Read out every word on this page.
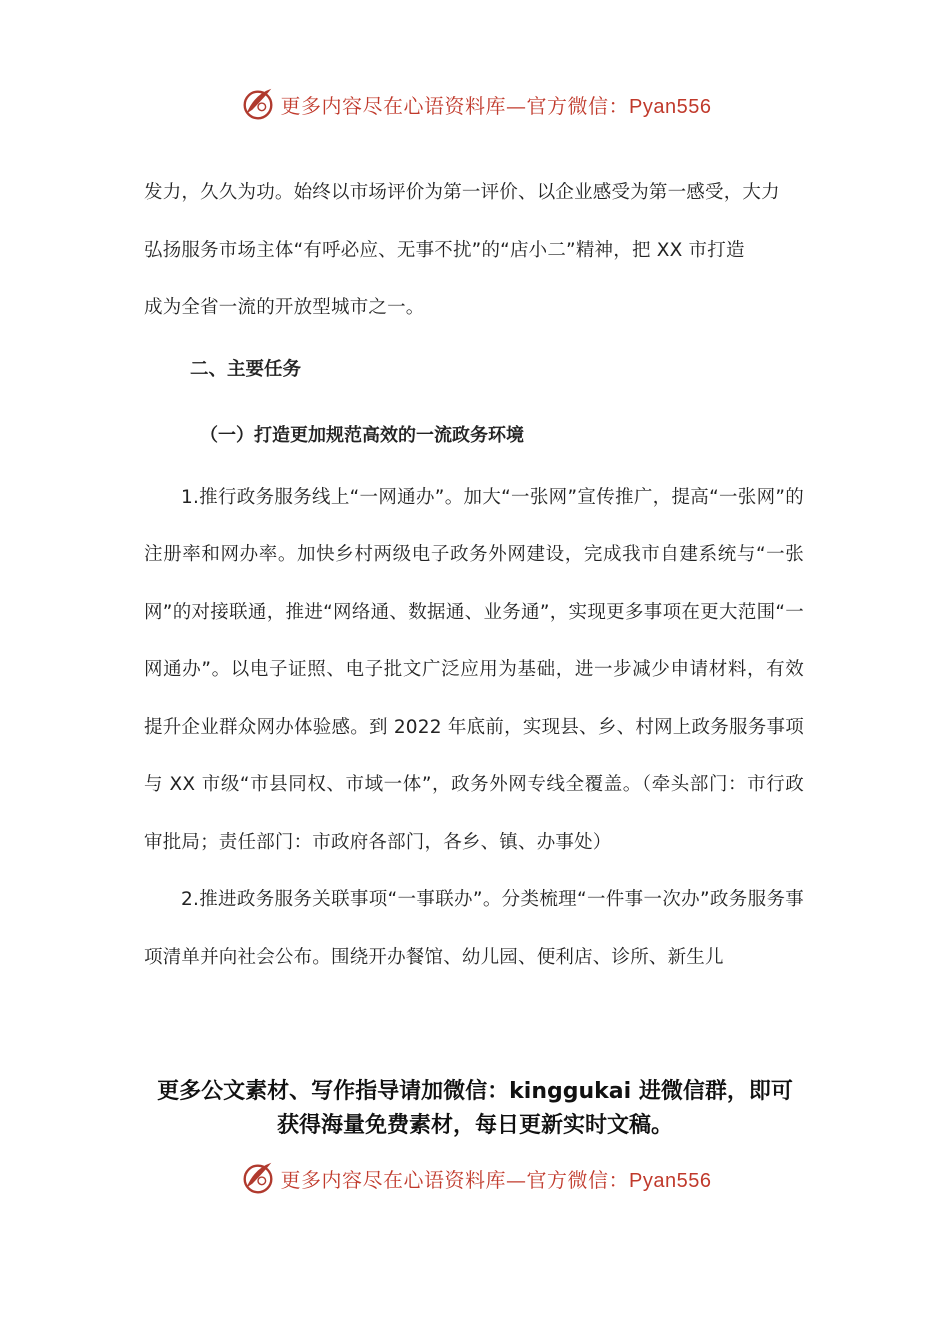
更多内容尽在心语资料库—官方微信：Pyan556

发力，久久为功。始终以市场评价为第一评价、以企业感受为第一感受，大力
弘扬服务市场主体“有呼必应、无事不扰”的“店小二”精神，把 XX 市打造
成为全省一流的开放型城市之一。

二、主要任务

（一）打造更加规范高效的一流政务环境

1.推行政务服务线上“一网通办”。加大“一张网”宣传推广，提高“一张网”的注册率和网办率。加快乡村两级电子政务外网建设，完成我市自建系统与“一张网”的对接联通，推进“网络通、数据通、业务通”，实现更多事项在更大范围“一网通办”。以电子证照、电子批文广泛应用为基础，进一步减少申请材料，有效提升企业群众网办体验感。到 2022 年底前，实现县、乡、村网上政务服务事项与 XX 市级“市县同权、市域一体”，政务外网专线全覆盖。（牵头部门：市行政审批局；责任部门：市政府各部门，各乡、镇、办事处）

2.推进政务服务关联事项“一事联办”。分类梳理“一件事一次办”政务服务事项清单并向社会公布。围绕开办餐馆、幼儿园、便利店、诊所、新生儿

更多公文素材、写作指导请加微信：kinggukai 进微信群，即可
获得海量免费素材，每日更新实时文稿。
更多内容尽在心语资料库—官方微信：Pyan556
